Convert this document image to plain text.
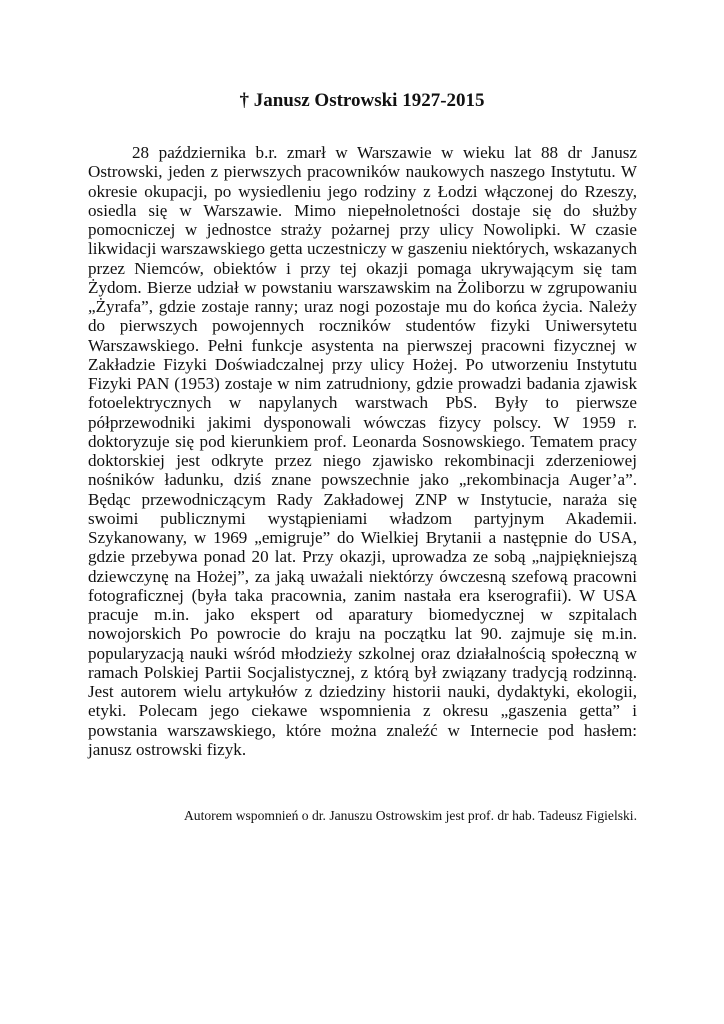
† Janusz Ostrowski 1927-2015

28 października b.r. zmarł w Warszawie w wieku lat 88 dr Janusz Ostrowski, jeden z pierwszych pracowników naukowych naszego Instytutu. W okresie okupacji, po wysiedleniu jego rodziny z Łodzi włączonej do Rzeszy, osiedla się w Warszawie. Mimo niepełnoletności dostaje się do służby pomocniczej w jednostce straży pożarnej przy ulicy Nowolipki. W czasie likwidacji warszawskiego getta uczestniczy w gaszeniu niektórych, wskazanych przez Niemców, obiektów i przy tej okazji pomaga ukrywającym się tam Żydom. Bierze udział w powstaniu warszawskim na Żoliborzu w zgrupowaniu „Żyrafa”, gdzie zostaje ranny; uraz nogi pozostaje mu do końca życia. Należy do pierwszych powojennych roczników studentów fizyki Uniwersytetu Warszawskiego. Pełni funkcje asystenta na pierwszej pracowni fizycznej w Zakładzie Fizyki Doświadczalnej przy ulicy Hożej. Po utworzeniu Instytutu Fizyki PAN (1953) zostaje w nim zatrudniony, gdzie prowadzi badania zjawisk fotoelektrycznych w napylanych warstwach PbS. Były to pierwsze półprzewodniki jakimi dysponowali wówczas fizycy polscy. W 1959 r. doktoryzuje się pod kierunkiem prof. Leonarda Sosnowskiego. Tematem pracy doktorskiej jest odkryte przez niego zjawisko rekombinacji zderzeniowej nośników ładunku, dziś znane powszechnie jako „rekombinacja Auger’a”. Będąc przewodniczącym Rady Zakładowej ZNP w Instytucie, naraża się swoimi publicznymi wystąpieniami władzom partyjnym Akademii. Szykanowany, w 1969 „emigruje” do Wielkiej Brytanii a następnie do USA, gdzie przebywa ponad 20 lat. Przy okazji, uprowadza ze sobą „najpiękniejszą dziewczynę na Hożej”, za jaką uważali niektórzy ówczesną szefową pracowni fotograficznej (była taka pracownia, zanim nastała era kserografii). W USA pracuje m.in. jako ekspert od aparatury biomedycznej w szpitalach nowojorskich Po powrocie do kraju na początku lat 90. zajmuje się m.in. popularyzacją nauki wśród młodzieży szkolnej oraz działalnością społeczną w ramach Polskiej Partii Socjalistycznej, z którą był związany tradycją rodzinną. Jest autorem wielu artykułów z dziedziny historii nauki, dydaktyki, ekologii, etyki. Polecam jego ciekawe wspomnienia z okresu „gaszenia getta” i powstania warszawskiego, które można znaleźć w Internecie pod hasłem: janusz ostrowski fizyk.

Autorem wspomnień o dr. Januszu Ostrowskim jest prof. dr hab. Tadeusz Figielski.
